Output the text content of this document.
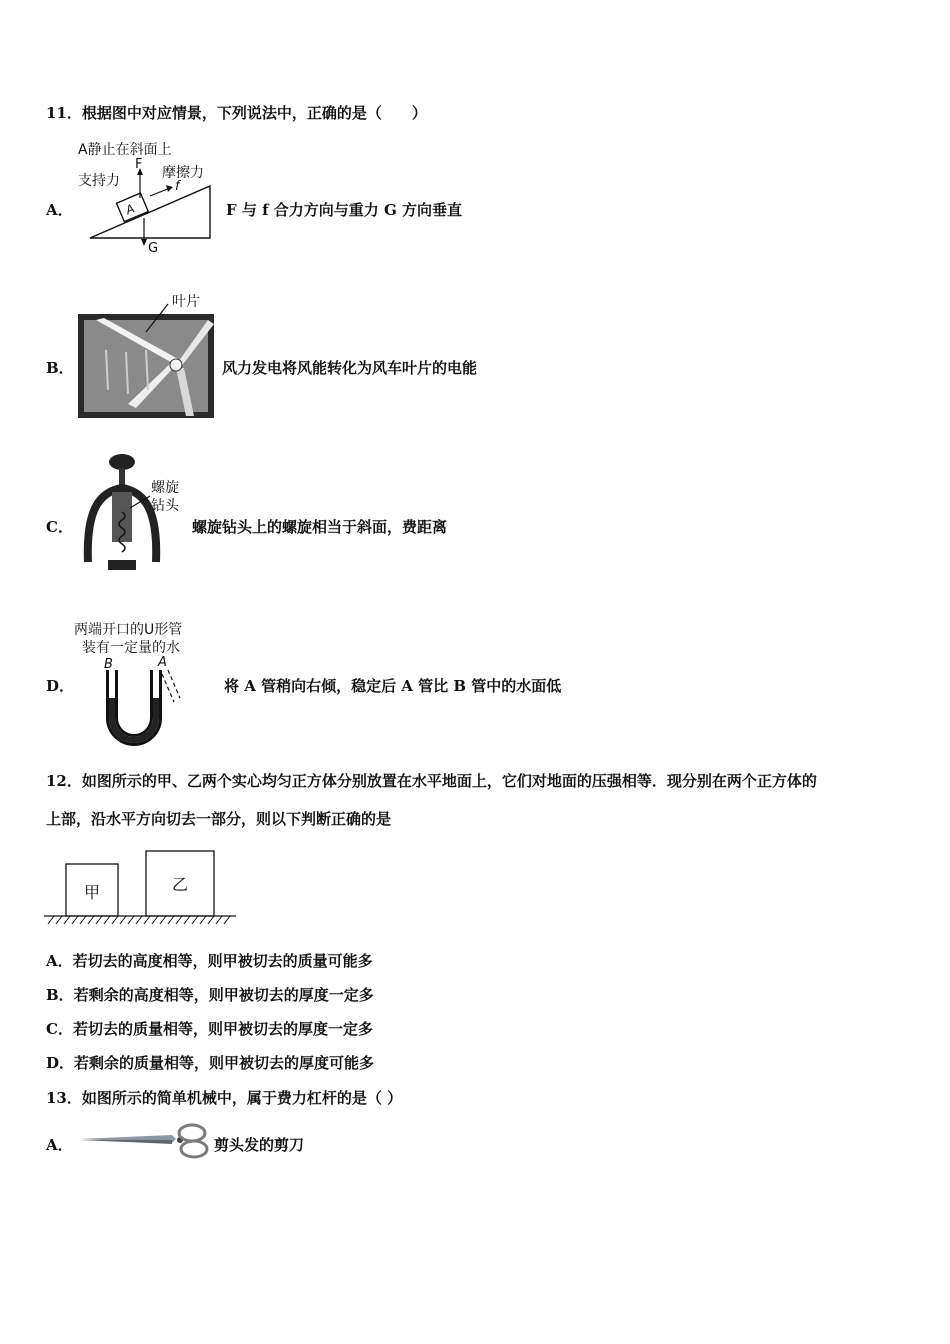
11．根据图中对应情景，下列说法中，正确的是（　　）
A．
A静止在斜面上
A
F
f
G
支持力	摩擦力
F 与 f 合力方向与重力 G 方向垂直
B．
叶片
风力发电将风能转化为风车叶片的电能
C．
螺旋
钻头
螺旋钻头上的螺旋相当于斜面，费距离
D．
两端开口的U形管
装有一定量的水
B	A
将 A 管稍向右倾，稳定后 A 管比 B 管中的水面低
12．如图所示的甲、乙两个实心均匀正方体分别放置在水平地面上，它们对地面的压强相等．现分别在两个正方体的
上部，沿水平方向切去一部分，则以下判断正确的是
甲	乙
A．若切去的高度相等，则甲被切去的质量可能多
B．若剩余的高度相等，则甲被切去的厚度一定多
C．若切去的质量相等，则甲被切去的厚度一定多
D．若剩余的质量相等，则甲被切去的厚度可能多
13．如图所示的简单机械中，属于费力杠杆的是（ ）
A．	剪头发的剪刀
